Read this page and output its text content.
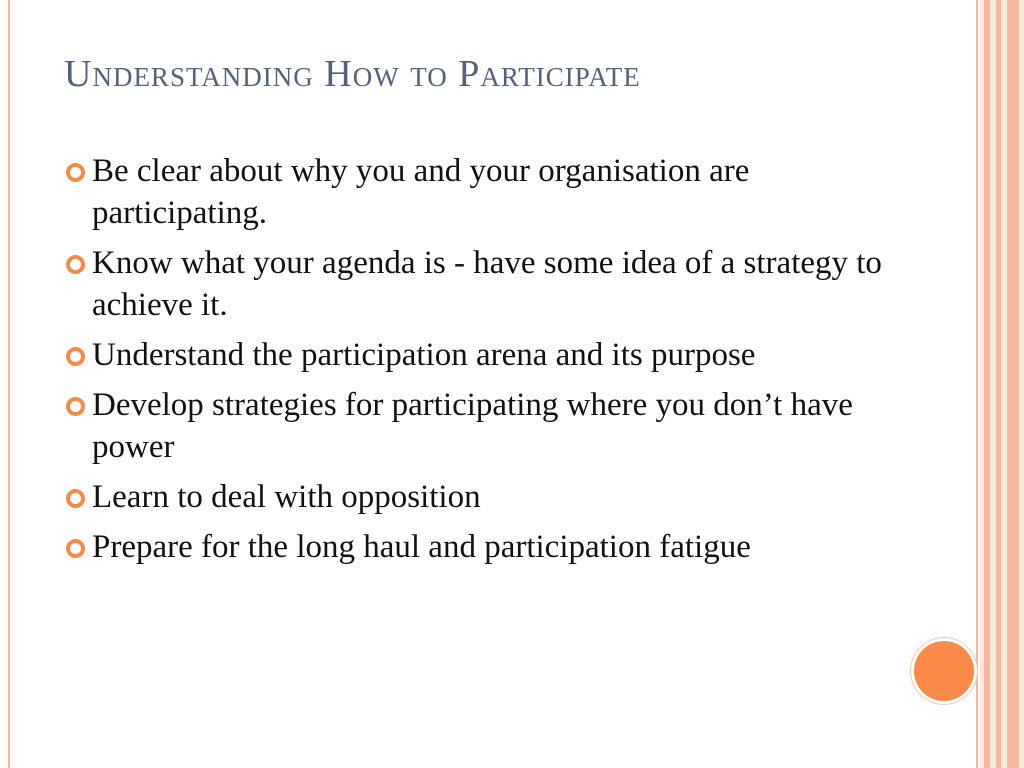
Understanding How to Participate
Be clear about why you and your organisation are participating.
Know what your agenda is - have some idea of a strategy to achieve it.
Understand the participation arena and its purpose
Develop strategies for participating where you don’t have power
Learn to deal with opposition
Prepare for the long haul and participation fatigue
